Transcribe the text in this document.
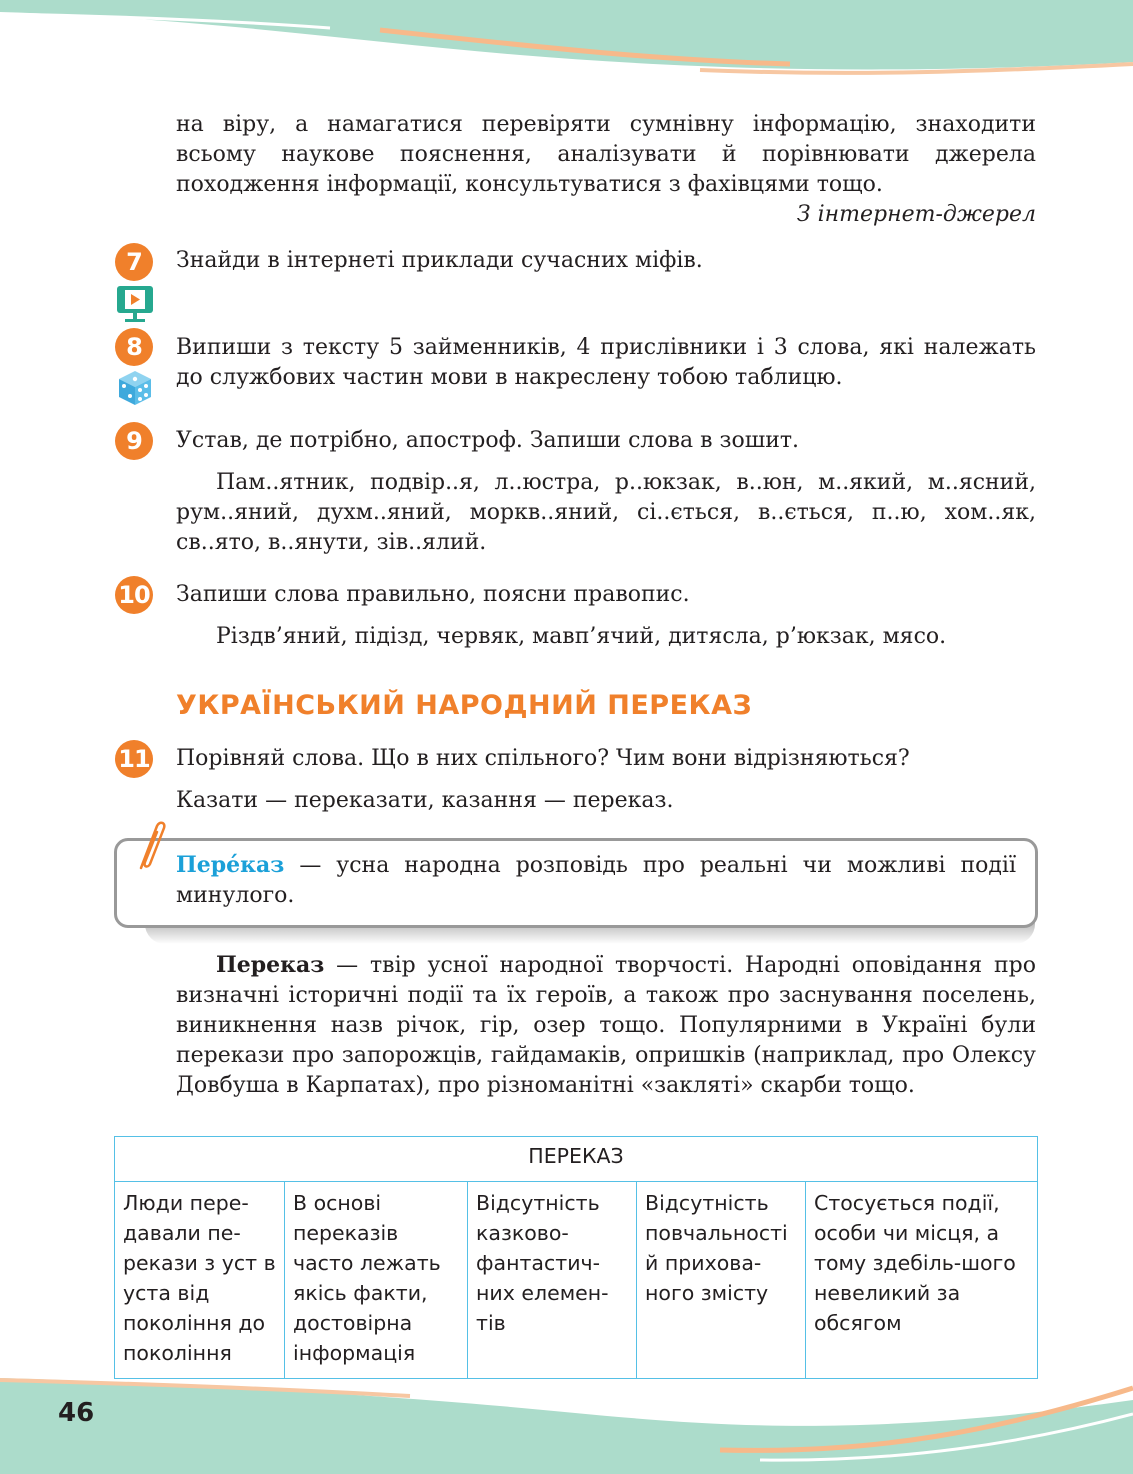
на віру, а намагатися перевіряти сумнівну інформацію, знаходити всьому наукове пояснення, аналізувати й порівнювати джерела походження інформації, консультуватися з фахівцями тощо.

З інтернет-джерел
7	Знайди в інтернеті приклади сучасних міфів.

8	Випиши з тексту 5 займенників, 4 прислівники і 3 слова, які належать до службових частин мови в накреслену тобою таблицю.

9	Устав, де потрібно, апостроф. Запиши слова в зошит.

Пам..ятник, подвір..я, л..юстра, р..юкзак, в..юн, м..який, м..ясний, рум..яний, духм..яний, моркв..яний, сі..ється, в..ється, п..ю, хом..як, св..ято, в..янути, зів..ялий.

10 Запиши слова правильно, поясни правопис.

Різдв’яний, підізд, червяк, мавп’ячий, дитясла, р’юкзак, мясо.

УКРАЇНСЬКИЙ НАРОДНИЙ ПЕРЕКАЗ
11 Порівняй слова. Що в них спільного? Чим вони відрізняються?

Казати — переказати, казання — переказ.

Пере́каз — усна народна розповідь про реальні чи можливі події минулого.

Переказ — твір усної народної творчості. Народні оповідання про визначні історичні події та їх героїв, а також про заснування поселень, виникнення назв річок, гір, озер тощо. Популярними в Україні були перекази про запорожців, гайдамаків, опришків (наприклад, про Олексу Довбуша в Карпатах), про різноманітні «закляті» скарби тощо.

ПЕРЕКАЗ
Люди пере-давали пе-рекази з уст в уста від покоління до покоління	В основі переказів часто лежать якісь факти, достовірна інформація	Відсутність казково-фантастич-них елемен-тів	Відсутність повчальності й прихова-ного змісту	Стосується події, особи чи місця, а тому здебіль-шого невеликий за обсягом
46
